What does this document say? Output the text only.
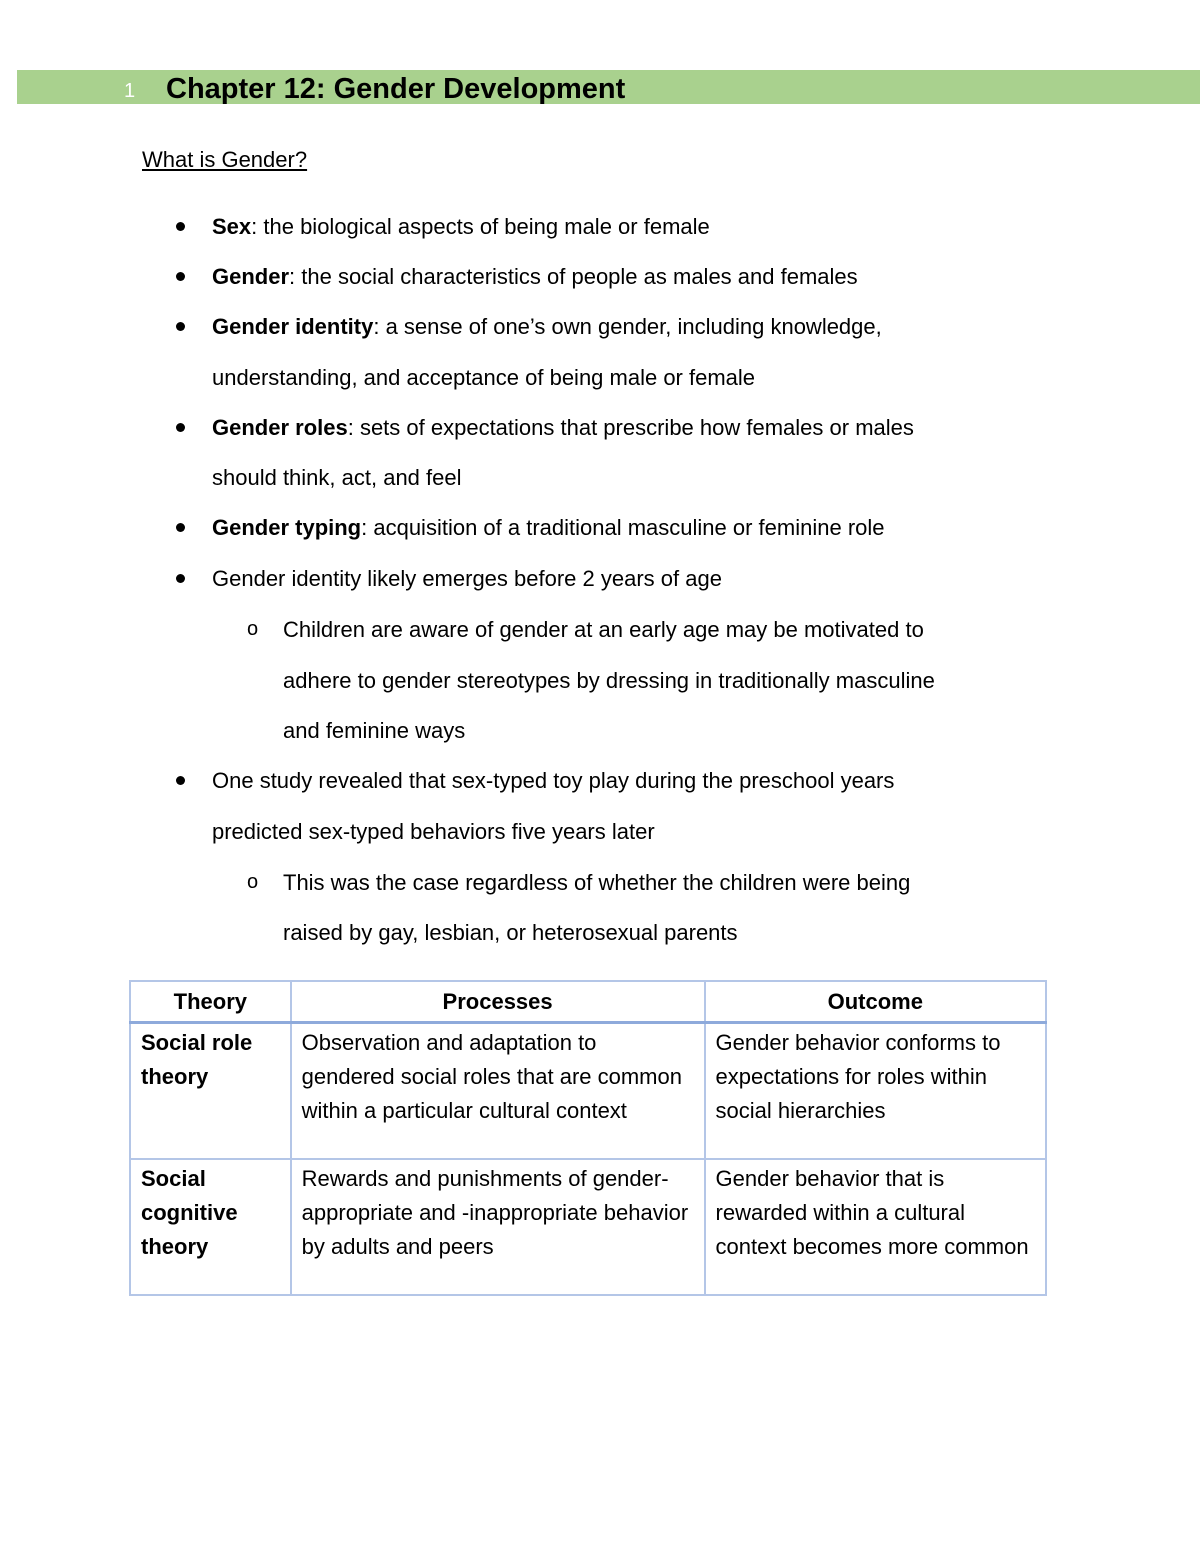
1 Chapter 12: Gender Development
What is Gender?
Sex: the biological aspects of being male or female
Gender: the social characteristics of people as males and females
Gender identity: a sense of one’s own gender, including knowledge,
understanding, and acceptance of being male or female
Gender roles: sets of expectations that prescribe how females or males
should think, act, and feel
Gender typing: acquisition of a traditional masculine or feminine role
Gender identity likely emerges before 2 years of age
o Children are aware of gender at an early age may be motivated to
adhere to gender stereotypes by dressing in traditionally masculine
and feminine ways
One study revealed that sex-typed toy play during the preschool years
predicted sex-typed behaviors five years later
o This was the case regardless of whether the children were being
raised by gay, lesbian, or heterosexual parents
Theory	Processes	Outcome
Social role theory	Observation and adaptation to gendered social roles that are common within a particular cultural context	Gender behavior conforms to expectations for roles within social hierarchies
Social cognitive theory	Rewards and punishments of gender-appropriate and -inappropriate behavior by adults and peers	Gender behavior that is rewarded within a cultural context becomes more common
